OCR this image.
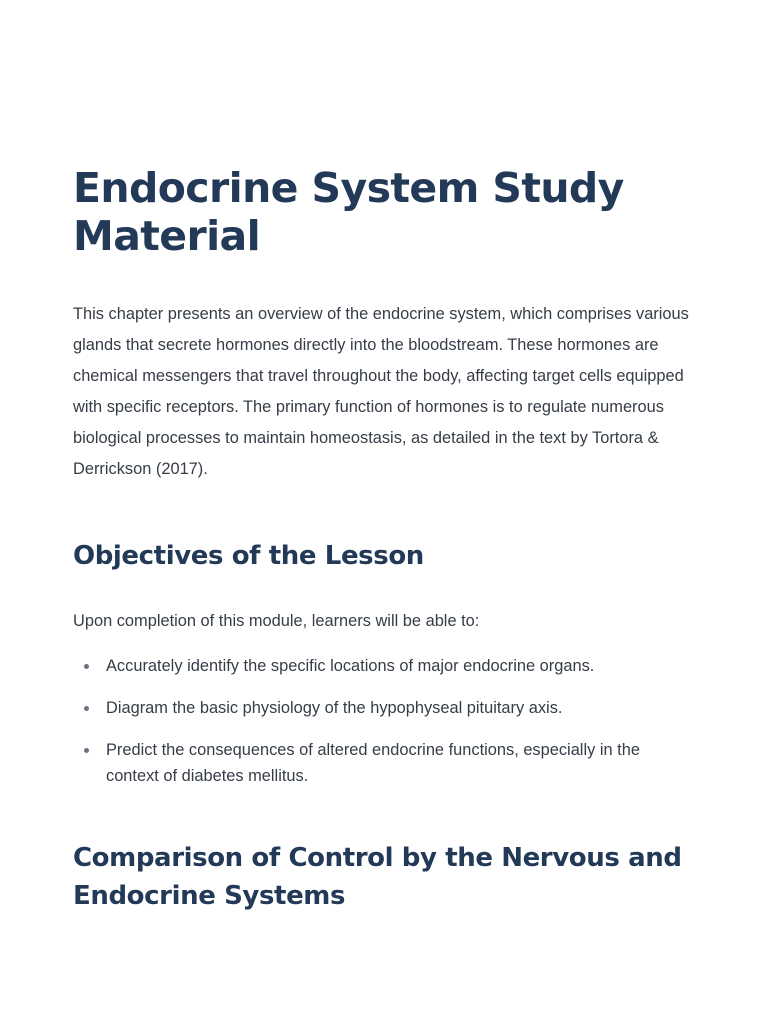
Endocrine System Study Material

This chapter presents an overview of the endocrine system, which comprises various glands that secrete hormones directly into the bloodstream. These hormones are chemical messengers that travel throughout the body, affecting target cells equipped with specific receptors. The primary function of hormones is to regulate numerous biological processes to maintain homeostasis, as detailed in the text by Tortora & Derrickson (2017).

Objectives of the Lesson

Upon completion of this module, learners will be able to:

Accurately identify the specific locations of major endocrine organs.
Diagram the basic physiology of the hypophyseal pituitary axis.
Predict the consequences of altered endocrine functions, especially in the context of diabetes mellitus.
Comparison of Control by the Nervous and Endocrine Systems
